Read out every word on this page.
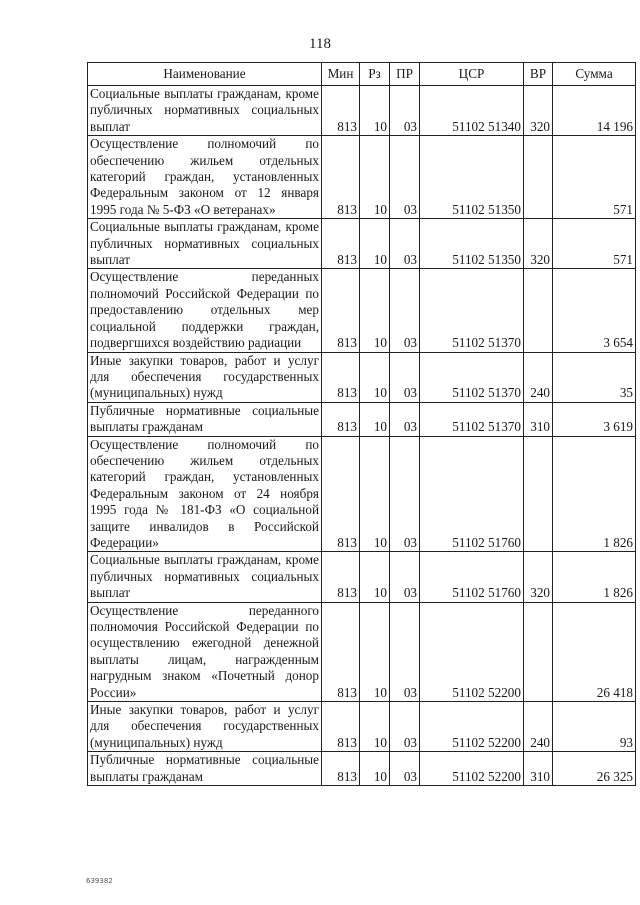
118
Наименование	Мин	Рз	ПР	ЦСР	ВР	Сумма
Социальные выплаты гражданам, кроме публичных нормативных социальных выплат	813	10	03	51102 51340	320	14 196
Осуществление полномочий по обеспечению жильем отдельных категорий граждан, установленных Федеральным законом от 12 января 1995 года № 5-ФЗ «О ветеранах»	813	10	03	51102 51350		571
Социальные выплаты гражданам, кроме публичных нормативных социальных выплат	813	10	03	51102 51350	320	571
Осуществление переданных полномочий Российской Федерации по предоставлению отдельных мер социальной поддержки граждан, подвергшихся воздействию радиации	813	10	03	51102 51370		3 654
Иные закупки товаров, работ и услуг для обеспечения государственных (муниципальных) нужд	813	10	03	51102 51370	240	35
Публичные нормативные социальные выплаты гражданам	813	10	03	51102 51370	310	3 619
Осуществление полномочий по обеспечению жильем отдельных категорий граждан, установленных Федеральным законом от 24 ноября 1995 года № 181-ФЗ «О социальной защите инвалидов в Российской Федерации»	813	10	03	51102 51760		1 826
Социальные выплаты гражданам, кроме публичных нормативных социальных выплат	813	10	03	51102 51760	320	1 826
Осуществление переданного полномочия Российской Федерации по осуществлению ежегодной денежной выплаты лицам, награжденным нагрудным знаком «Почетный донор России»	813	10	03	51102 52200		26 418
Иные закупки товаров, работ и услуг для обеспечения государственных (муниципальных) нужд	813	10	03	51102 52200	240	93
Публичные нормативные социальные выплаты гражданам	813	10	03	51102 52200	310	26 325
639382
